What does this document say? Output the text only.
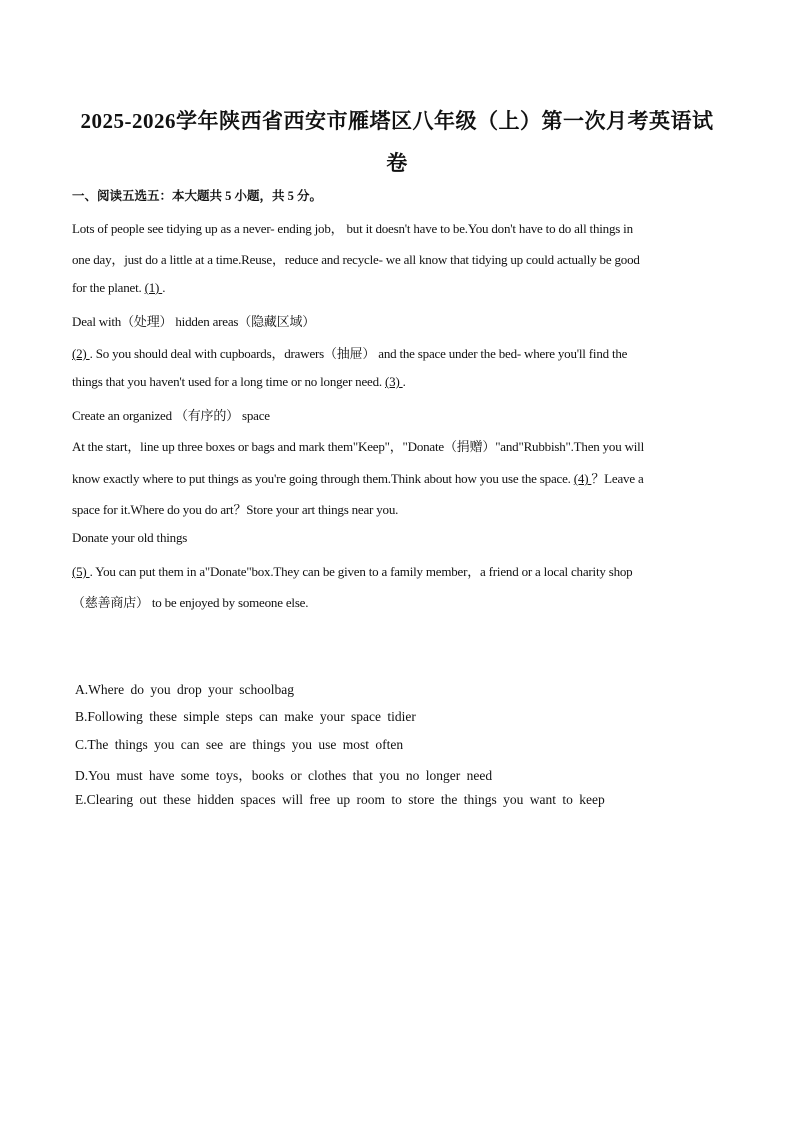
2025-2026学年陕西省西安市雁塔区八年级（上）第一次月考英语试
卷
一、阅读五选五：本大题共 5 小题，共 5 分。
Lots of people see tidying up as a never- ending job， but it doesn't have to be.You don't have to do all things in
one day，just do a little at a time.Reuse，reduce and recycle- we all know that tidying up could actually be good
for the planet. (1) .
Deal with（处理） hidden areas（隐藏区域）
(2) . So you should deal with cupboards，drawers（抽屉） and the space under the bed- where you'll find the
things that you haven't used for a long time or no longer need. (3) .
Create an organized （有序的） space
At the start，line up three boxes or bags and mark them"Keep"，"Donate（捐赠）"and"Rubbish".Then you will
know exactly where to put things as you're going through them.Think about how you use the space. (4) ？Leave a
space for it.Where do you do art？Store your art things near you.
Donate your old things
(5) . You can put them in a"Donate"box.They can be given to a family member，a friend or a local charity shop
（慈善商店） to be enjoyed by someone else.
A.Where do you drop your schoolbag
B.Following these simple steps can make your space tidier
C.The things you can see are things you use most often
D.You must have some toys，books or clothes that you no longer need
E.Clearing out these hidden spaces will free up room to store the things you want to keep
